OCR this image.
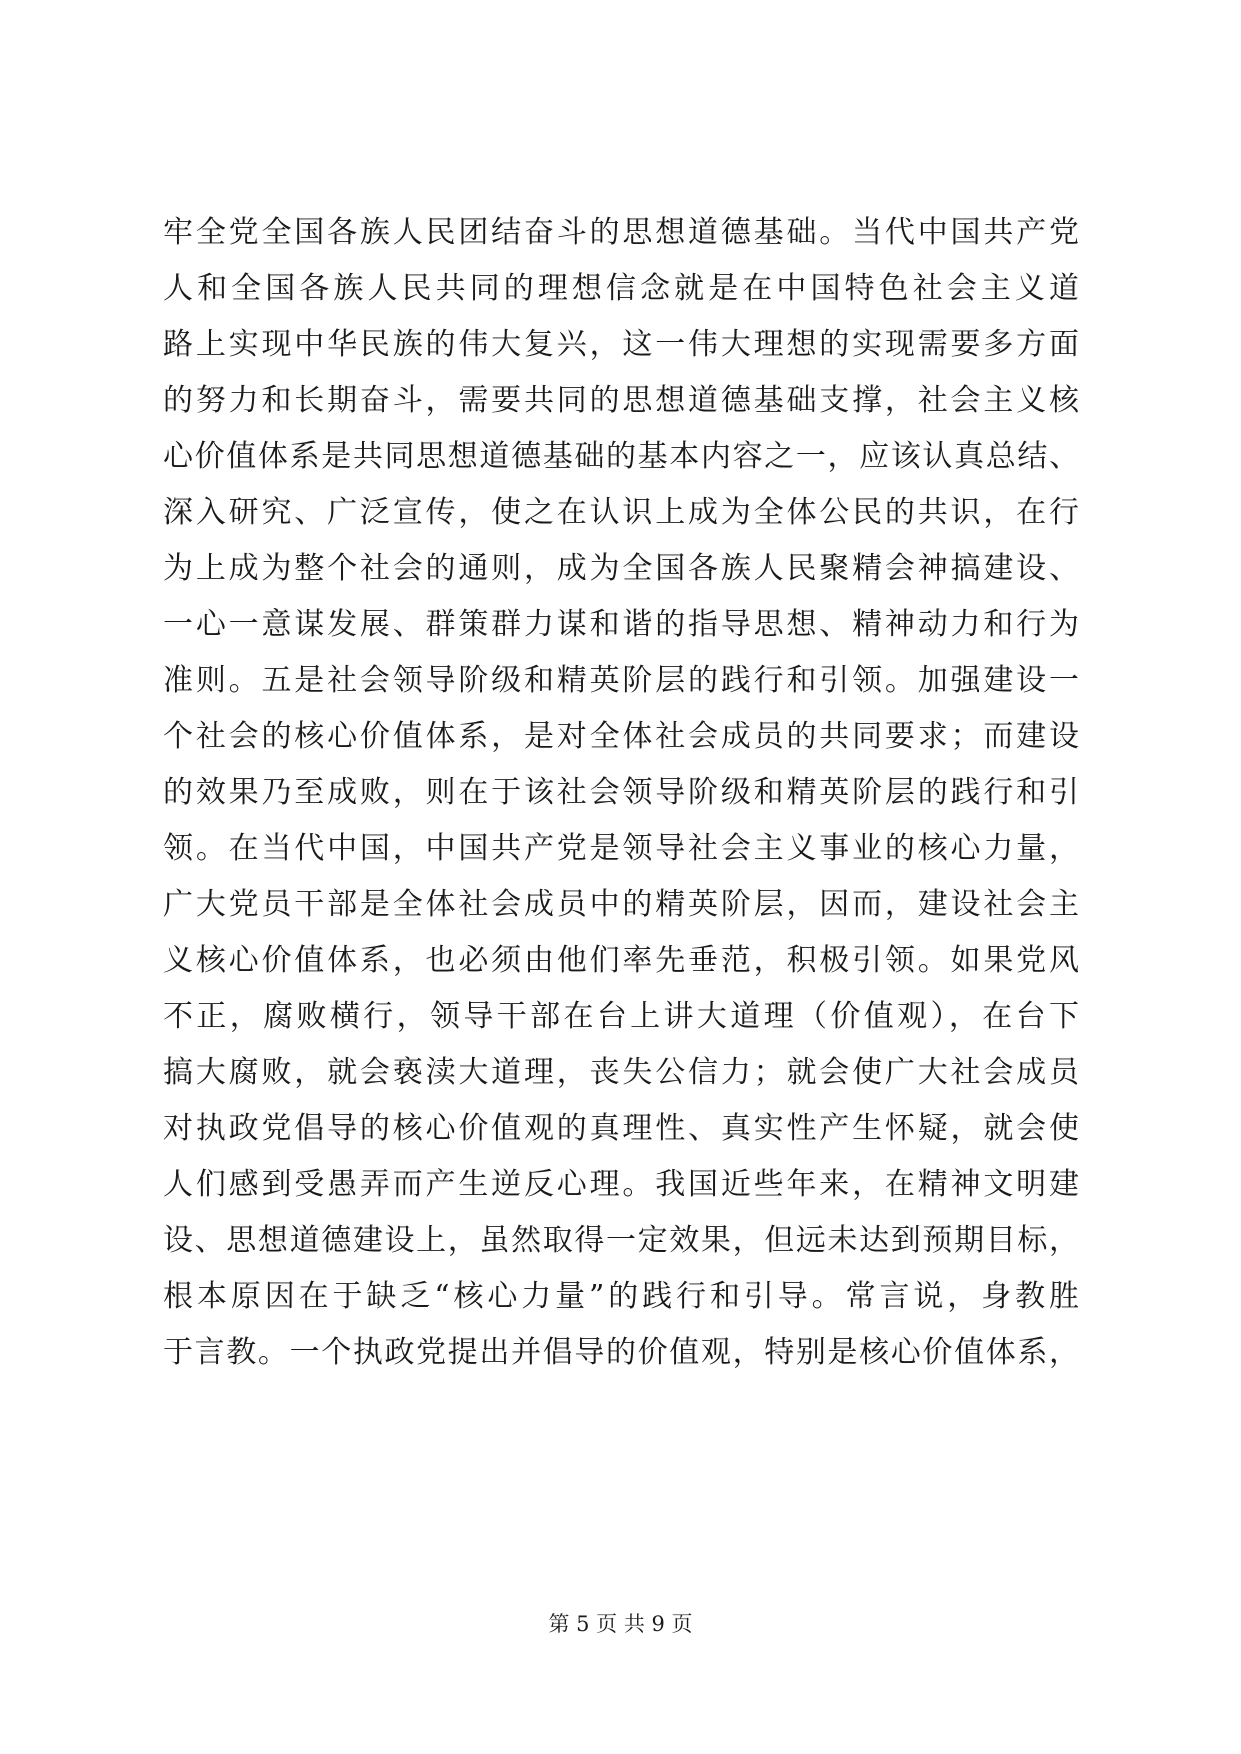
牢全党全国各族人民团结奋斗的思想道德基础。当代中国共产党
人和全国各族人民共同的理想信念就是在中国特色社会主义道
路上实现中华民族的伟大复兴，这一伟大理想的实现需要多方面
的努力和长期奋斗，需要共同的思想道德基础支撑，社会主义核
心价值体系是共同思想道德基础的基本内容之一，应该认真总结、
深入研究、广泛宣传，使之在认识上成为全体公民的共识，在行
为上成为整个社会的通则，成为全国各族人民聚精会神搞建设、
一心一意谋发展、群策群力谋和谐的指导思想、精神动力和行为
准则。五是社会领导阶级和精英阶层的践行和引领。加强建设一
个社会的核心价值体系，是对全体社会成员的共同要求；而建设
的效果乃至成败，则在于该社会领导阶级和精英阶层的践行和引
领。在当代中国，中国共产党是领导社会主义事业的核心力量，
广大党员干部是全体社会成员中的精英阶层，因而，建设社会主
义核心价值体系，也必须由他们率先垂范，积极引领。如果党风
不正，腐败横行，领导干部在台上讲大道理（价值观），在台下
搞大腐败，就会亵渎大道理，丧失公信力；就会使广大社会成员
对执政党倡导的核心价值观的真理性、真实性产生怀疑，就会使
人们感到受愚弄而产生逆反心理。我国近些年来，在精神文明建
设、思想道德建设上，虽然取得一定效果，但远未达到预期目标，
根本原因在于缺乏“核心力量”的践行和引导。常言说，身教胜
于言教。一个执政党提出并倡导的价值观，特别是核心价值体系，
第 5 页 共 9 页
